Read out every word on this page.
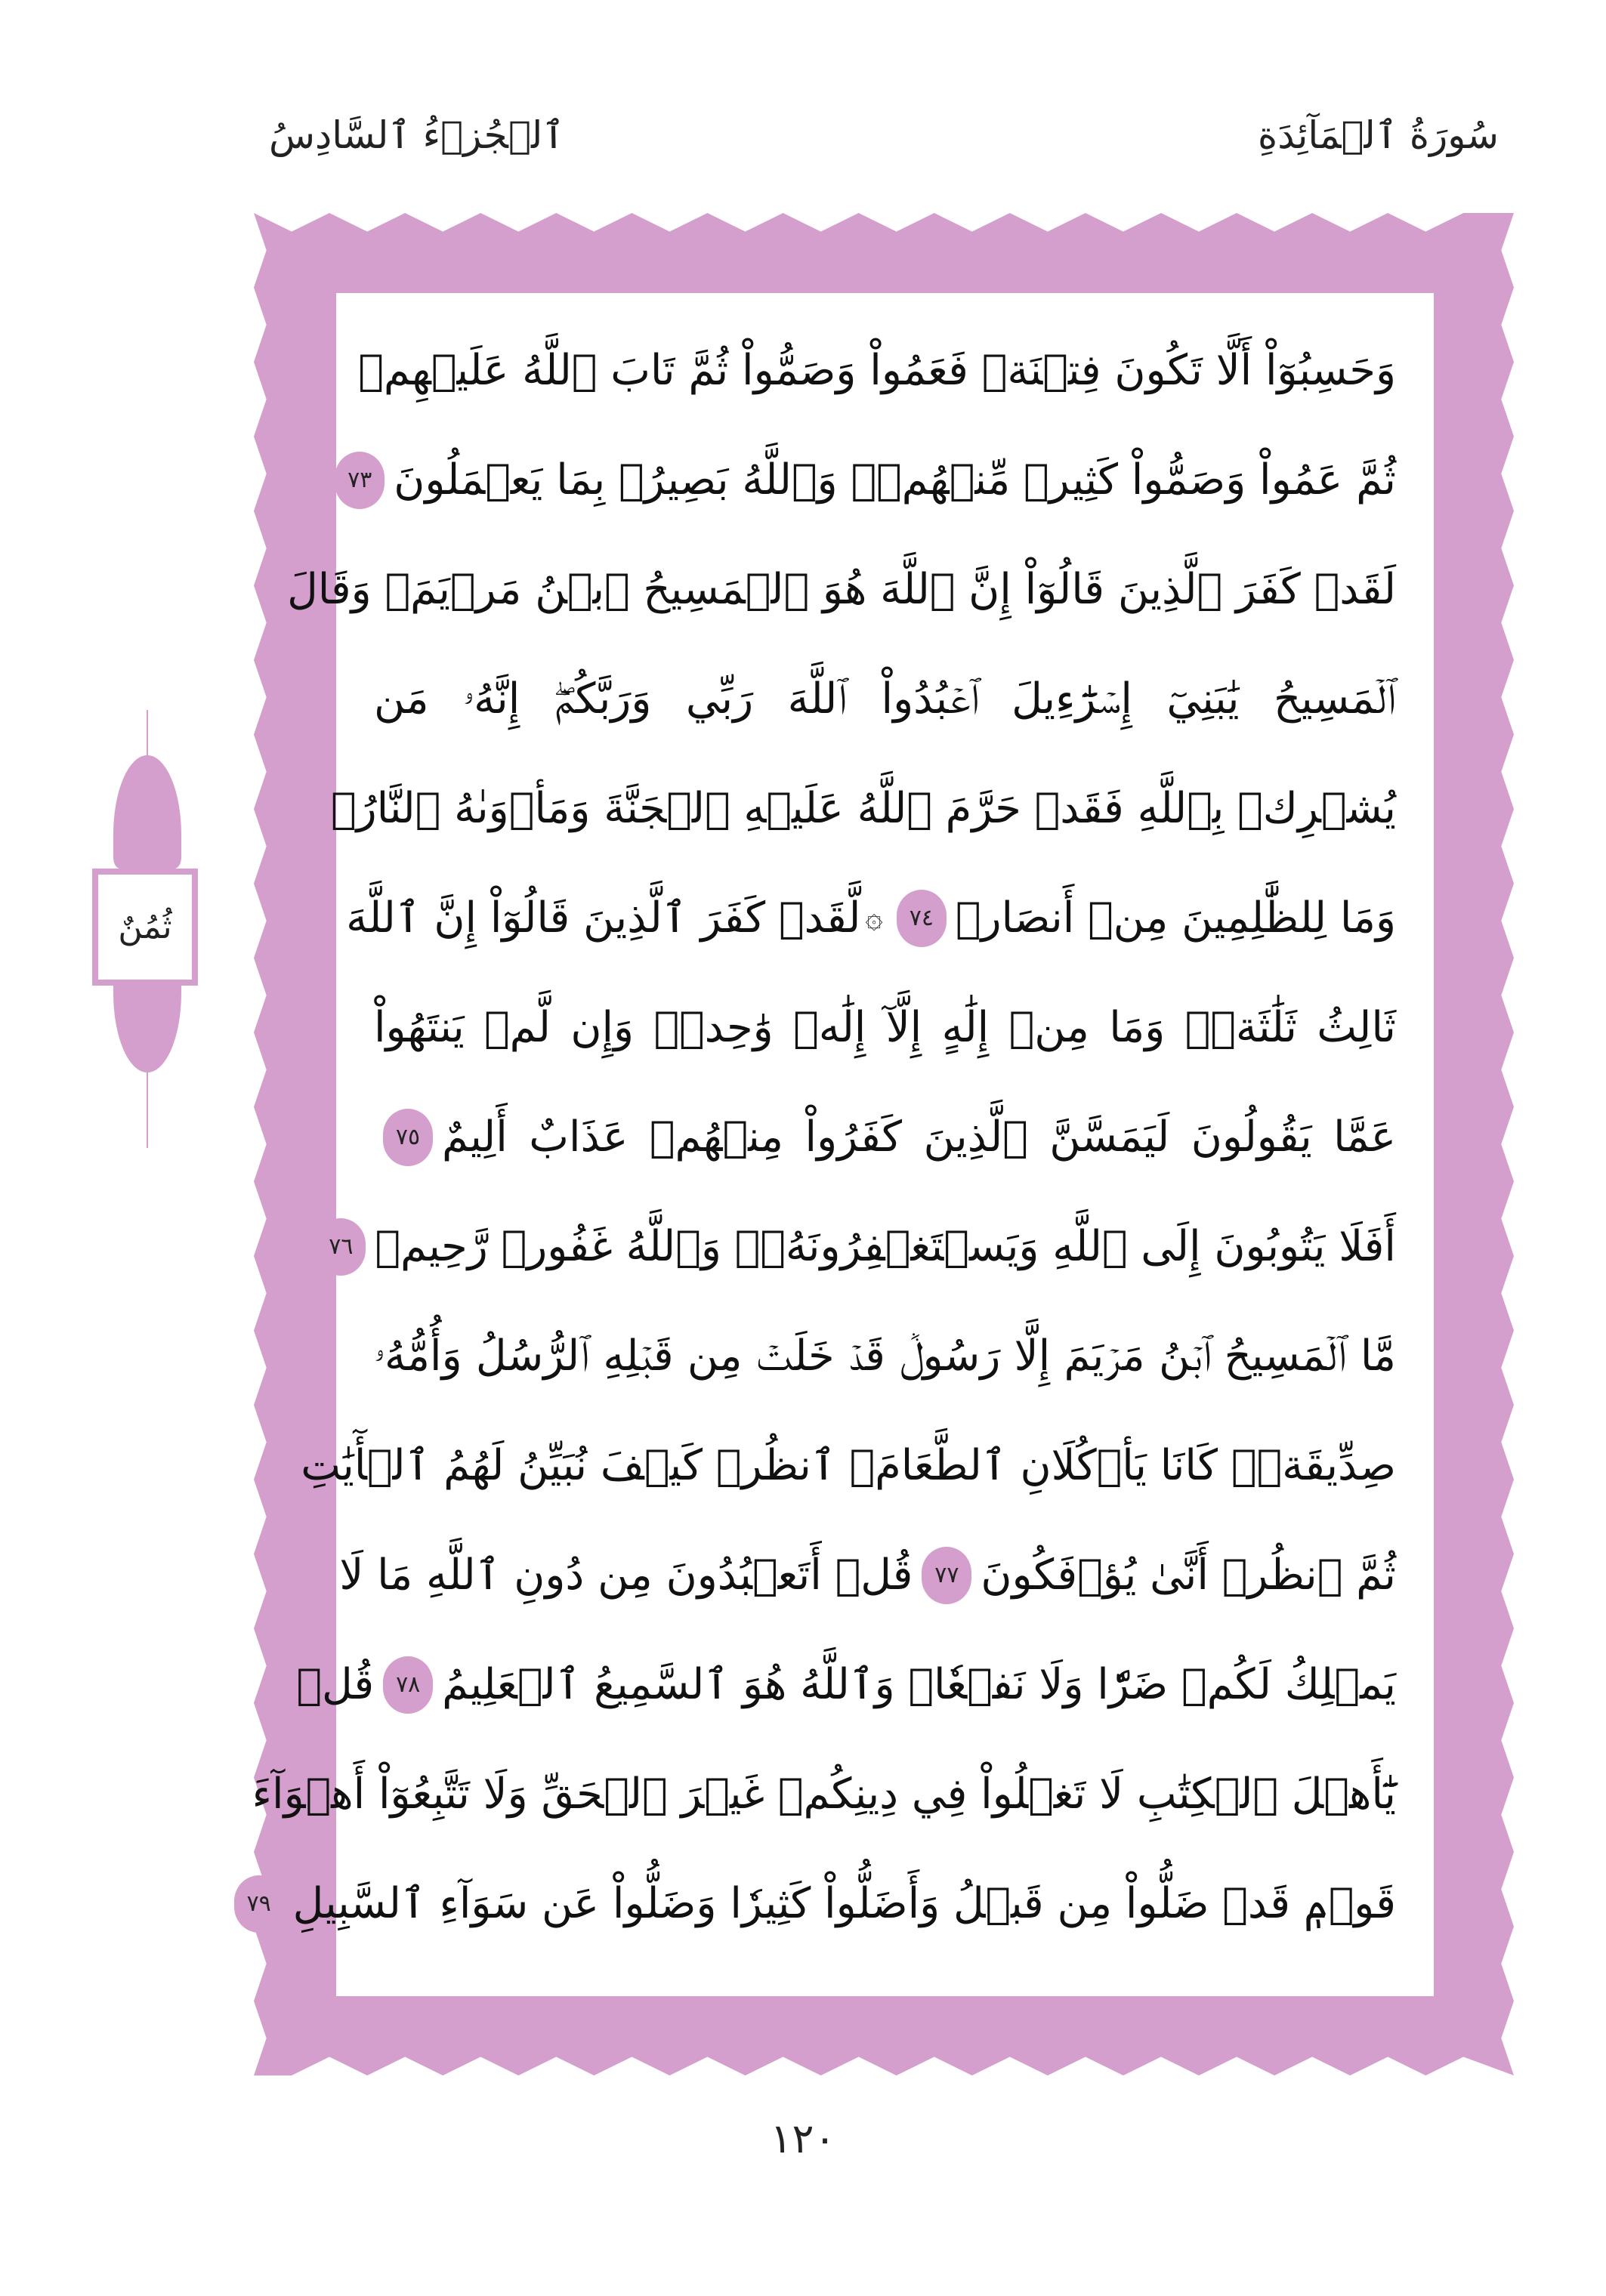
ٱلۡجُزۡءُ ٱلسَّادِسُ	سُورَةُ ٱلۡمَآئِدَةِ
وَحَسِبُوٓاْ أَلَّا تَكُونَ فِتۡنَةٞ فَعَمُواْ وَصَمُّواْ ثُمَّ تَابَ ٱللَّهُ عَلَيۡهِمۡ
ثُمَّ عَمُواْ وَصَمُّواْ كَثِيرٞ مِّنۡهُمۡۚ وَٱللَّهُ بَصِيرُۢ بِمَا يَعۡمَلُونَ
٧٣
لَقَدۡ كَفَرَ ٱلَّذِينَ قَالُوٓاْ إِنَّ ٱللَّهَ هُوَ ٱلۡمَسِيحُ ٱبۡنُ مَرۡيَمَۖ وَقَالَ
ٱلۡمَسِيحُ يَٰبَنِيٓ إِسۡرَٰٓءِيلَ ٱعۡبُدُواْ ٱللَّهَ رَبِّي وَرَبَّكُمۡۖ إِنَّهُۥ مَن
يُشۡرِكۡ بِٱللَّهِ فَقَدۡ حَرَّمَ ٱللَّهُ عَلَيۡهِ ٱلۡجَنَّةَ وَمَأۡوَىٰهُ ٱلنَّارُۖ
وَمَا لِلظَّٰلِمِينَ مِنۡ أَنصَارٖ
٧٤
۞
لَّقَدۡ كَفَرَ ٱلَّذِينَ قَالُوٓاْ إِنَّ ٱللَّهَ
ثَالِثُ ثَلَٰثَةٖۘ وَمَا مِنۡ إِلَٰهٍ إِلَّآ إِلَٰهٞ وَٰحِدٞۚ وَإِن لَّمۡ يَنتَهُواْ
عَمَّا يَقُولُونَ لَيَمَسَّنَّ ٱلَّذِينَ كَفَرُواْ مِنۡهُمۡ عَذَابٌ أَلِيمٌ
٧٥
أَفَلَا يَتُوبُونَ إِلَى ٱللَّهِ وَيَسۡتَغۡفِرُونَهُۥۚ وَٱللَّهُ غَفُورٞ رَّحِيمٞ
٧٦
مَّا ٱلۡمَسِيحُ ٱبۡنُ مَرۡيَمَ إِلَّا رَسُولٞ قَدۡ خَلَتۡ مِن قَبۡلِهِ ٱلرُّسُلُ وَأُمُّهُۥ
صِدِّيقَةٞۖ كَانَا يَأۡكُلَانِ ٱلطَّعَامَۗ ٱنظُرۡ كَيۡفَ نُبَيِّنُ لَهُمُ ٱلۡأٓيَٰتِ
ثُمَّ ٱنظُرۡ أَنَّىٰ يُؤۡفَكُونَ
٧٧
قُلۡ أَتَعۡبُدُونَ مِن دُونِ ٱللَّهِ مَا لَا
يَمۡلِكُ لَكُمۡ ضَرّٗا وَلَا نَفۡعٗاۚ وَٱللَّهُ هُوَ ٱلسَّمِيعُ ٱلۡعَلِيمُ
٧٨
قُلۡ
يَٰٓأَهۡلَ ٱلۡكِتَٰبِ لَا تَغۡلُواْ فِي دِينِكُمۡ غَيۡرَ ٱلۡحَقِّ وَلَا تَتَّبِعُوٓاْ أَهۡوَآءَ
قَوۡمٖ قَدۡ ضَلُّواْ مِن قَبۡلُ وَأَضَلُّواْ كَثِيرٗا وَضَلُّواْ عَن سَوَآءِ ٱلسَّبِيلِ
٧٩
ثُمُنٌ
١٢٠
